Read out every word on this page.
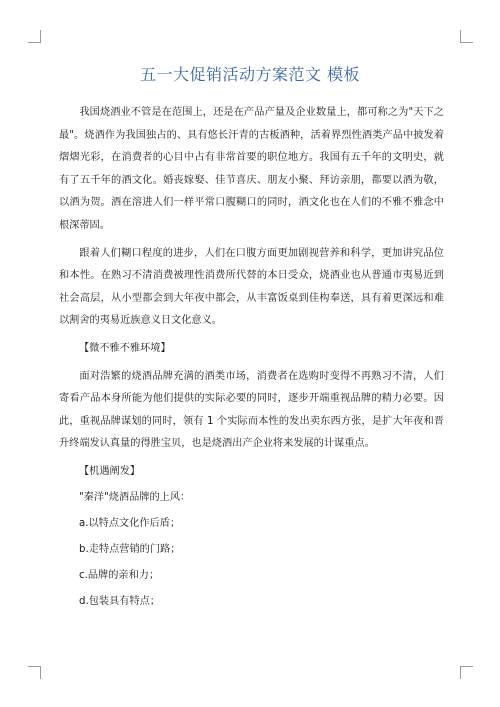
五一大促销活动方案范文 模板

我国烧酒业不管是在范围上，还是在产品产量及企业数量上，都可称之为"天下之最"。烧酒作为我国独占的、具有悠长汗青的古板酒种，活着界烈性酒类产品中披发着熠熠光彩，在消费者的心目中占有非常首要的职位地方。我国有五千年的文明史，就有了五千年的酒文化。婚丧嫁娶、佳节喜庆、朋友小聚、拜访亲朋，都要以酒为敬，以酒为贺。酒在溶进人们一样平常口腹糊口的同时，酒文化也在人们的不雅不雅念中根深蒂固。

跟着人们糊口程度的进步，人们在口腹方面更加剧视营养和科学，更加讲究品位和本性。在熟习不清消费被理性消费所代替的本日受众，烧酒业也从普通市夷易近到社会高层，从小型都会到大年夜中都会，从丰富饭桌到佳构奉送，具有着更深远和难以割舍的夷易近族意义日文化意义。

【微不雅不雅环境】

面对浩繁的烧酒品牌充满的酒类市场，消费者在选购时变得不再熟习不清，人们寄看产品本身所能为他们提供的实际必要的同时，逐步开端重视品牌的精力必要。因此，重视品牌谋划的同时，领有 1 个实际而本性的发出卖东西方张，是扩大年夜和晋升终端发认真量的得胜宝贝，也是烧酒出产企业将来发展的计谋重点。

【机遇阐发】

"秦洋"烧酒品牌的上风：

a.以特点文化作后盾；

b.走特点营销的门路；

c.品牌的亲和力；

d.包装具有特点；
